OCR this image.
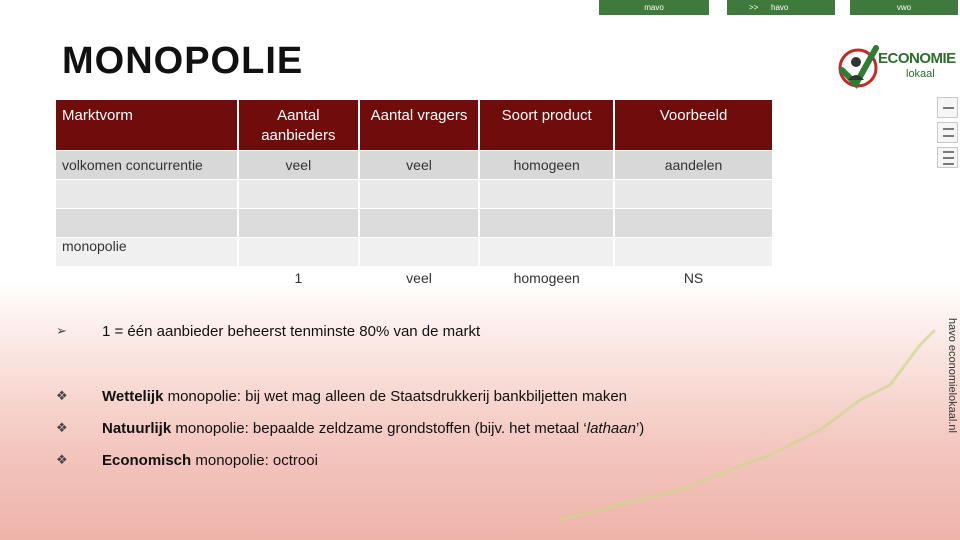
mavo	>> havo	vwo
MONOPOLIE	ECONOMIE
lokaal
havo economielokaal.nl
Marktvorm	Aantal aanbieders	Aantal vragers	Soort product	Voorbeeld
volkomen concurrentie	veel	veel	homogeen	aandelen

monopolie	1	veel	homogeen	NS
➢ 1 = één aanbieder beheerst tenminste 80% van de markt
❖ Wettelijk monopolie: bij wet mag alleen de Staatsdrukkerij bankbiljetten maken
❖ Natuurlijk monopolie: bepaalde zeldzame grondstoffen (bijv. het metaal ‘lathaan’)
❖ Economisch monopolie: octrooi
